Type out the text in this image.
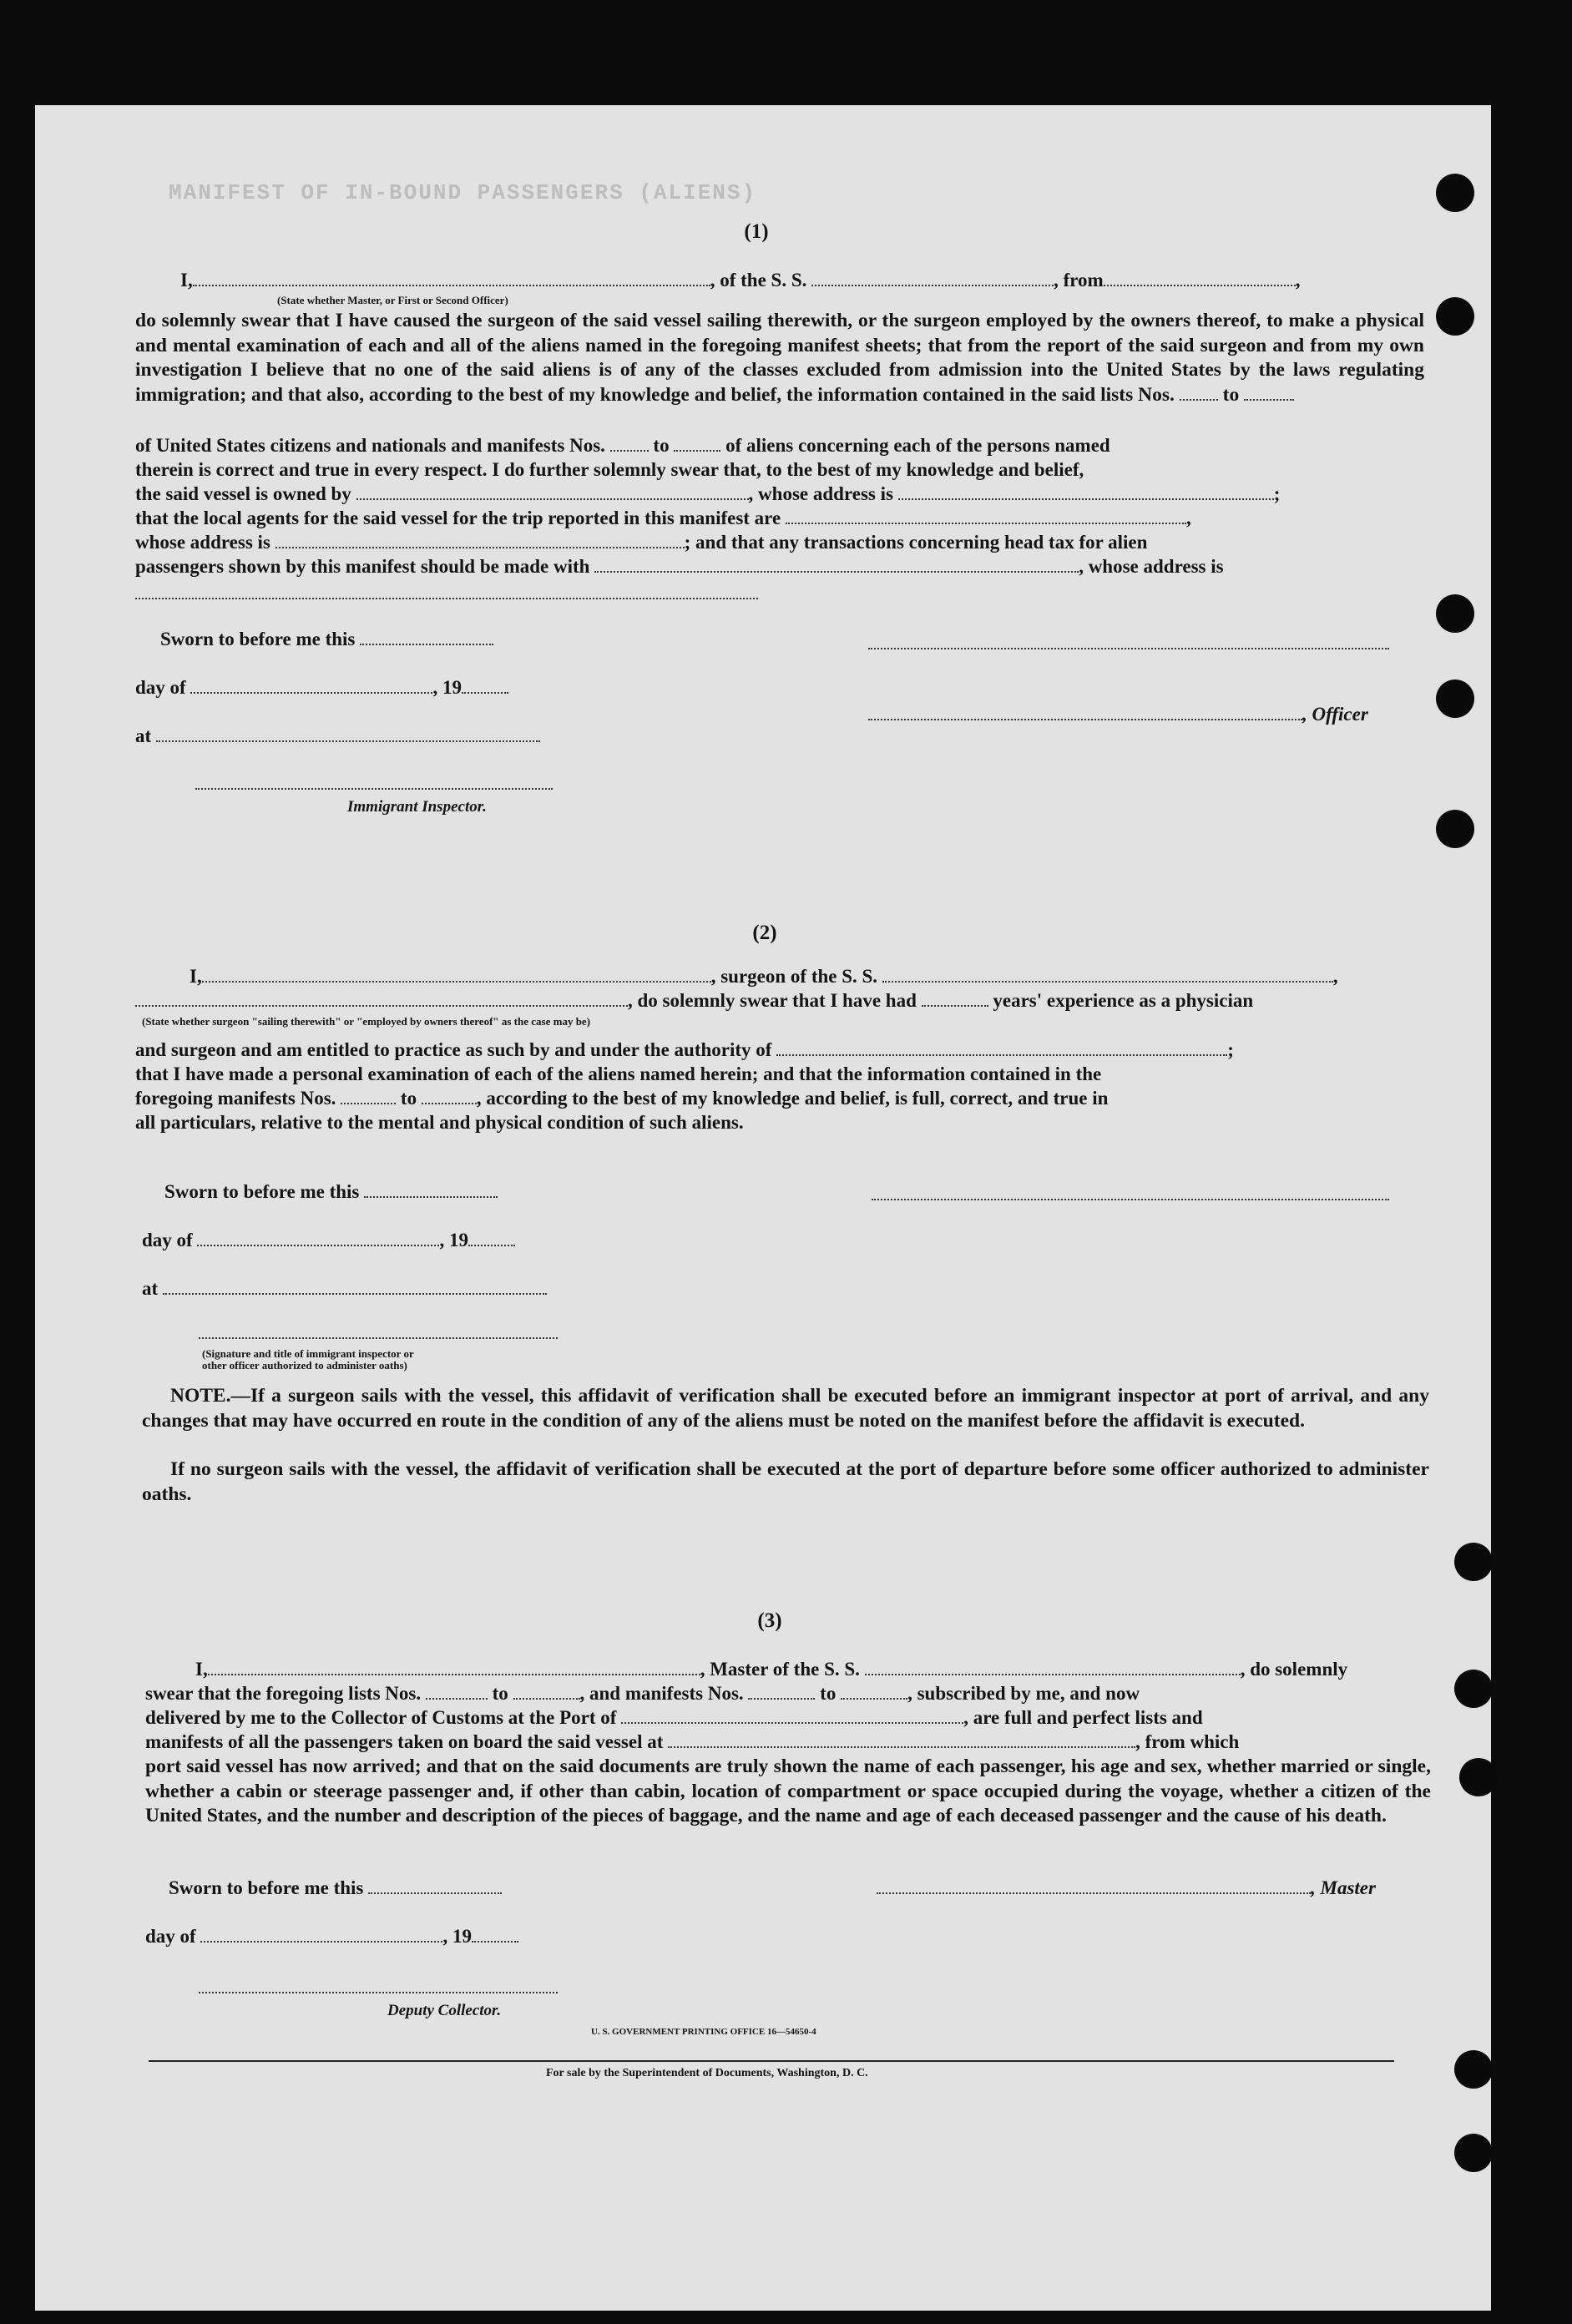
MANIFEST OF IN-BOUND PASSENGERS (ALIENS)
(1)
I,	, of the S. S.	, from	,
(State whether Master, or First or Second Officer)
do solemnly swear that I have caused the surgeon of the said vessel sailing therewith, or the surgeon employed by the owners thereof, to make a physical and mental examination of each and all of the aliens named in the foregoing manifest sheets; that from the report of the said surgeon and from my own investigation I believe that no one of the said aliens is of any of the classes excluded from admission into the United States by the laws regulating immigration; and that also, according to the best of my knowledge and belief, the information contained in the said lists Nos. to
of United States citizens and nationals and manifests Nos.	to	of aliens concerning each of the persons named
therein is correct and true in every respect. I do further solemnly swear that, to the best of my knowledge and belief,
the said vessel is owned by	, whose address is	;
that the local agents for the said vessel for the trip reported in this manifest are	,
whose address is	; and that any transactions concerning head tax for alien
passengers shown by this manifest should be made with	, whose address is
Sworn to before me this
day of	, 19
, Officer
at
Immigrant Inspector.
(2)
I,	, surgeon of the S. S.	,
, do solemnly swear that I have had	years' experience as a physician
(State whether surgeon "sailing therewith" or "employed by owners thereof" as the case may be)
and surgeon and am entitled to practice as such by and under the authority of	;
that I have made a personal examination of each of the aliens named herein; and that the information contained in the
foregoing manifests Nos.	to	, according to the best of my knowledge and belief, is full, correct, and true in
all particulars, relative to the mental and physical condition of such aliens.
Sworn to before me this
day of	, 19
at
(Signature and title of immigrant inspector or
other officer authorized to administer oaths)
NOTE.—If a surgeon sails with the vessel, this affidavit of verification shall be executed before an immigrant inspector at port of arrival, and any changes that may have occurred en route in the condition of any of the aliens must be noted on the manifest before the affidavit is executed.
If no surgeon sails with the vessel, the affidavit of verification shall be executed at the port of departure before some officer authorized to administer oaths.
(3)
I,	, Master of the S. S.	, do solemnly
swear that the foregoing lists Nos.	to	, and manifests Nos.	to	, subscribed by me, and now
delivered by me to the Collector of Customs at the Port of	, are full and perfect lists and
manifests of all the passengers taken on board the said vessel at	, from which
port said vessel has now arrived; and that on the said documents are truly shown the name of each passenger, his age and sex, whether married or single, whether a cabin or steerage passenger and, if other than cabin, location of compartment or space occupied during the voyage, whether a citizen of the United States, and the number and description of the pieces of baggage, and the name and age of each deceased passenger and the cause of his death.
Sworn to before me this	, Master
day of	, 19
Deputy Collector.
U. S. GOVERNMENT PRINTING OFFICE 16—54650-4
For sale by the Superintendent of Documents, Washington, D. C.
